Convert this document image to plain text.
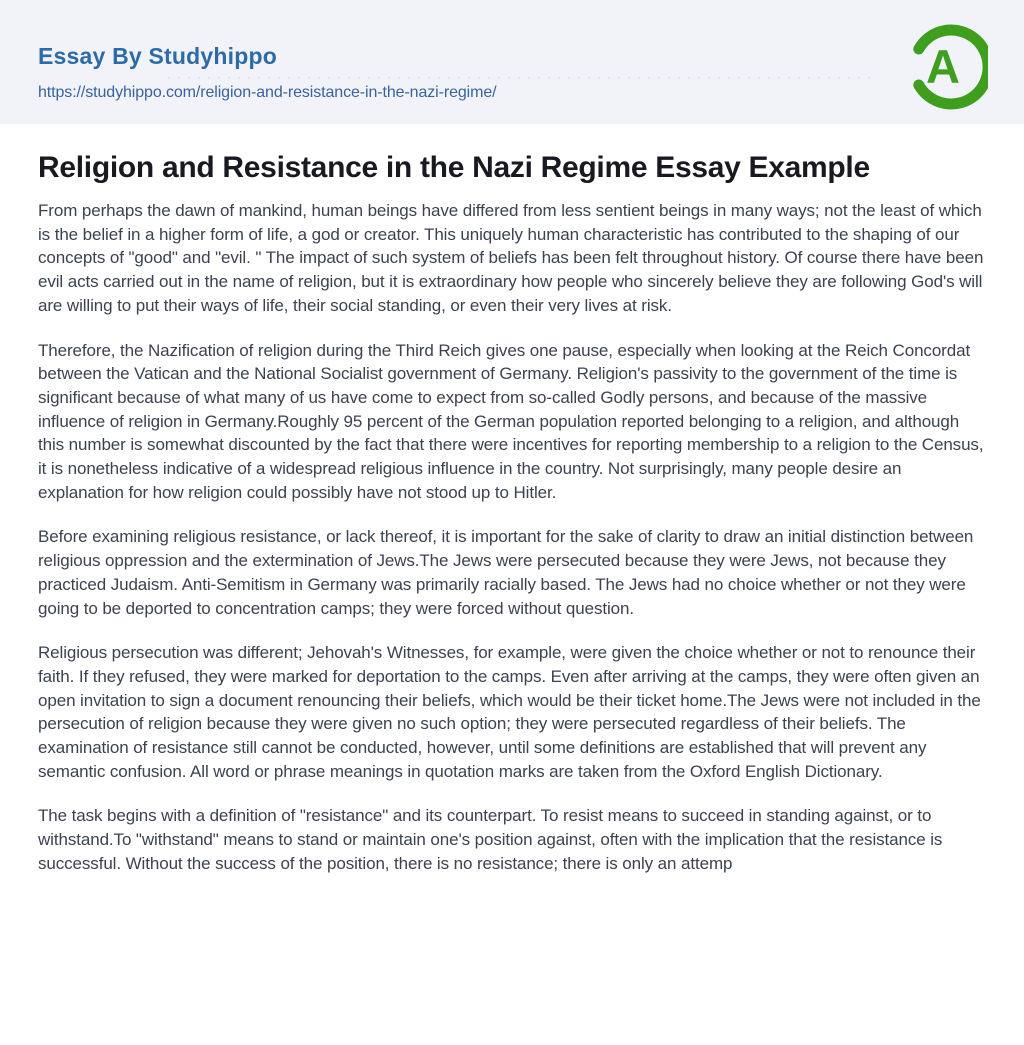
Essay By Studyhippo
https://studyhippo.com/religion-and-resistance-in-the-nazi-regime/	A
Religion and Resistance in the Nazi Regime Essay Example

From perhaps the dawn of mankind, human beings have differed from less sentient beings in many ways; not the least of which is the belief in a higher form of life, a god or creator. This uniquely human characteristic has contributed to the shaping of our concepts of "good" and "evil. " The impact of such system of beliefs has been felt throughout history. Of course there have been evil acts carried out in the name of religion, but it is extraordinary how people who sincerely believe they are following God's will are willing to put their ways of life, their social standing, or even their very lives at risk.

Therefore, the Nazification of religion during the Third Reich gives one pause, especially when looking at the Reich Concordat between the Vatican and the National Socialist government of Germany. Religion's passivity to the government of the time is significant because of what many of us have come to expect from so-called Godly persons, and because of the massive influence of religion in Germany.Roughly 95 percent of the German population reported belonging to a religion, and although this number is somewhat discounted by the fact that there were incentives for reporting membership to a religion to the Census, it is nonetheless indicative of a widespread religious influence in the country. Not surprisingly, many people desire an explanation for how religion could possibly have not stood up to Hitler.

Before examining religious resistance, or lack thereof, it is important for the sake of clarity to draw an initial distinction between religious oppression and the extermination of Jews.The Jews were persecuted because they were Jews, not because they practiced Judaism. Anti-Semitism in Germany was primarily racially based. The Jews had no choice whether or not they were going to be deported to concentration camps; they were forced without question.

Religious persecution was different; Jehovah's Witnesses, for example, were given the choice whether or not to renounce their faith. If they refused, they were marked for deportation to the camps. Even after arriving at the camps, they were often given an open invitation to sign a document renouncing their beliefs, which would be their ticket home.The Jews were not included in the persecution of religion because they were given no such option; they were persecuted regardless of their beliefs. The examination of resistance still cannot be conducted, however, until some definitions are established that will prevent any semantic confusion. All word or phrase meanings in quotation marks are taken from the Oxford English Dictionary.

The task begins with a definition of "resistance" and its counterpart. To resist means to succeed in standing against, or to withstand.To "withstand" means to stand or maintain one's position against, often with the implication that the resistance is successful. Without the success of the position, there is no resistance; there is only an attemp
